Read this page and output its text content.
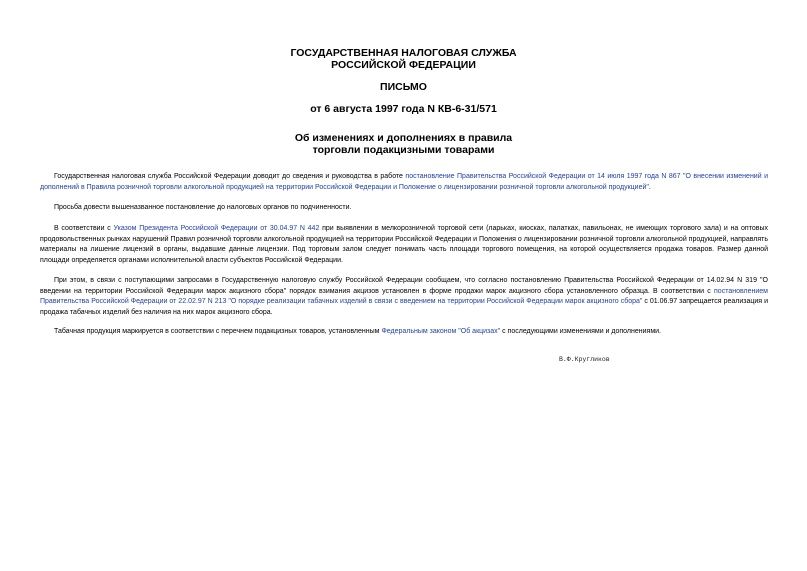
ГОСУДАРСТВЕННАЯ НАЛОГОВАЯ СЛУЖБА
РОССИЙСКОЙ ФЕДЕРАЦИИ
ПИСЬМО
от 6 августа 1997 года N КВ-6-31/571
Об изменениях и дополнениях в правила
торговли подакцизными товарами
Государственная налоговая служба Российской Федерации доводит до сведения и руководства в работе постановление Правительства Российской Федерации от 14 июля 1997 года N 867 "О внесении изменений и дополнений в Правила розничной торговли алкогольной продукцией на территории Российской Федерации и Положение о лицензировании розничной торговли алкогольной продукцией".
Просьба довести вышеназванное постановление до налоговых органов по подчиненности.
В соответствии с Указом Президента Российской Федерации от 30.04.97 N 442 при выявлении в мелкорозничной торговой сети (ларьках, киосках, палатках, павильонах, не имеющих торгового зала) и на оптовых продовольственных рынках нарушений Правил розничной торговли алкогольной продукцией на территории Российской Федерации и Положения о лицензировании розничной торговли алкогольной продукцией, направлять материалы на лишение лицензий в органы, выдавшие данные лицензии. Под торговым залом следует понимать часть площади торгового помещения, на которой осуществляется продажа товаров. Размер данной площади определяется органами исполнительной власти субъектов Российской Федерации.
При этом, в связи с поступающими запросами в Государственную налоговую службу Российской Федерации сообщаем, что согласно постановлению Правительства Российской Федерации от 14.02.94 N 319 "О введении на территории Российской Федерации марок акцизного сбора" порядок взимания акцизов установлен в форме продажи марок акцизного сбора установленного образца. В соответствии с постановлением Правительства Российской Федерации от 22.02.97 N 213 "О порядке реализации табачных изделий в связи с введением на территории Российской Федерации марок акцизного сбора" с 01.06.97 запрещается реализация и продажа табачных изделий без наличия на них марок акцизного сбора.
Табачная продукция маркируется в соответствии с перечнем подакцизных товаров, установленным Федеральным законом "Об акцизах" с последующими изменениями и дополнениями.
В.Ф.Кругликов
